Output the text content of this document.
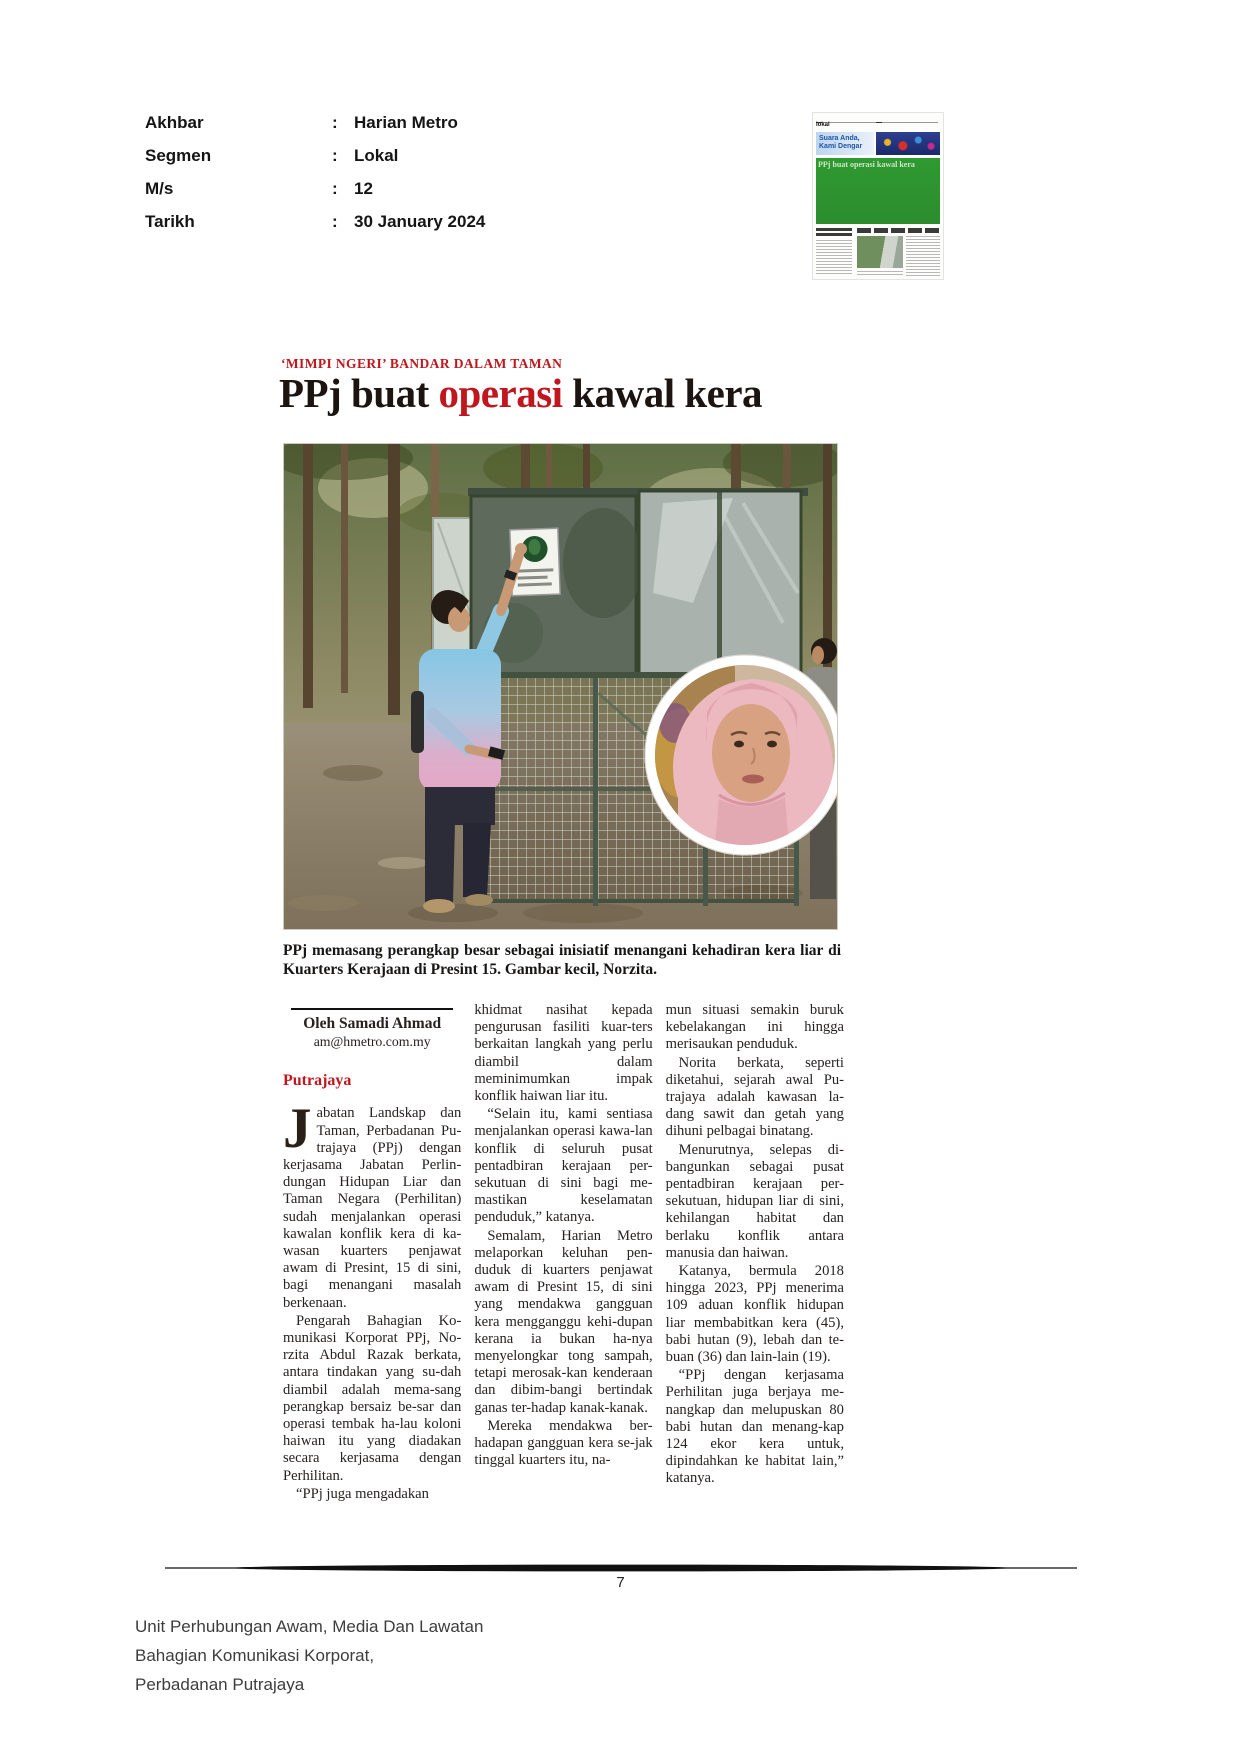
Akhbar	: Harian Metro
Segmen	: Lokal
M/s	: 12
Tarikh	: 30 January 2024
lokal
Suara Anda,
Kami Dengar
PPj buat operasi kawal kera
‘MIMPI NGERI’ BANDAR DALAM TAMAN
PPj buat operasi kawal kera
PPj memasang perangkap besar sebagai inisiatif menangani kehadiran kera liar di Kuarters Kerajaan di Presint 15. Gambar kecil, Norzita.
Oleh Samadi Ahmad
am@hmetro.com.my
Putrajaya

Jabatan Landskap dan Taman, Perbadanan Pu-trajaya (PPj) dengan kerjasama Jabatan Perlin-dungan Hidupan Liar dan Taman Negara (Perhilitan) sudah menjalankan operasi kawalan konflik kera di ka-wasan kuarters penjawat awam di Presint, 15 di sini, bagi menangani masalah berkenaan.

Pengarah Bahagian Ko-munikasi Korporat PPj, No-rzita Abdul Razak berkata, antara tindakan yang su-dah diambil adalah mema-sang perangkap bersaiz be-sar dan operasi tembak ha-lau koloni haiwan itu yang diadakan secara kerjasama dengan Perhilitan.

“PPj juga mengadakan

khidmat nasihat kepada pengurusan fasiliti kuar-ters berkaitan langkah yang perlu diambil dalam meminimumkan impak konflik haiwan liar itu.

“Selain itu, kami sentiasa menjalankan operasi kawa-lan konflik di seluruh pusat pentadbiran kerajaan per-sekutuan di sini bagi me-mastikan keselamatan penduduk,” katanya.

Semalam, Harian Metro melaporkan keluhan pen-duduk di kuarters penjawat awam di Presint 15, di sini yang mendakwa gangguan kera mengganggu kehi-dupan kerana ia bukan ha-nya menyelongkar tong sampah, tetapi merosak-kan kenderaan dan dibim-bangi bertindak ganas ter-hadap kanak-kanak.

Mereka mendakwa ber-hadapan gangguan kera se-jak tinggal kuarters itu, na-

mun situasi semakin buruk kebelakangan ini hingga merisaukan penduduk.

Norita berkata, seperti diketahui, sejarah awal Pu-trajaya adalah kawasan la-dang sawit dan getah yang dihuni pelbagai binatang.

Menurutnya, selepas di-bangunkan sebagai pusat pentadbiran kerajaan per-sekutuan, hidupan liar di sini, kehilangan habitat dan berlaku konflik antara manusia dan haiwan.

Katanya, bermula 2018 hingga 2023, PPj menerima 109 aduan konflik hidupan liar membabitkan kera (45), babi hutan (9), lebah dan te-buan (36) dan lain-lain (19).

“PPj dengan kerjasama Perhilitan juga berjaya me-nangkap dan melupuskan 80 babi hutan dan menang-kap 124 ekor kera untuk, dipindahkan ke habitat lain,” katanya.

7
Unit Perhubungan Awam, Media Dan Lawatan
Bahagian Komunikasi Korporat,
Perbadanan Putrajaya
